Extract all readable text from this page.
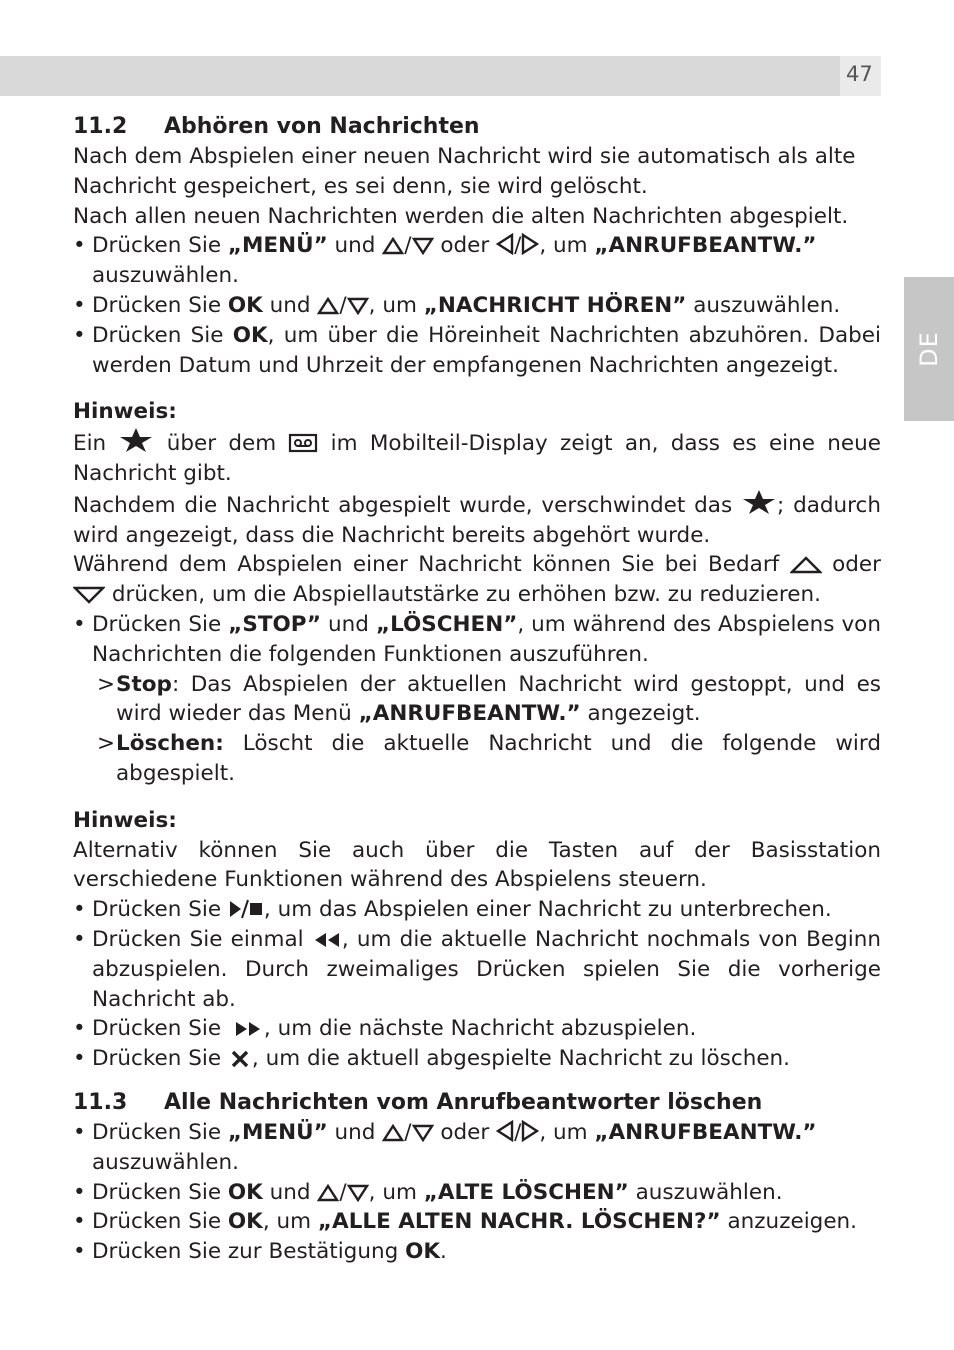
47
DE
11.2 Abhören von Nachrichten

Nach dem Abspielen einer neuen Nachricht wird sie automatisch als alte Nachricht gespeichert, es sei denn, sie wird gelöscht.

Nach allen neuen Nachrichten werden die alten Nachrichten abgespielt.

• Drücken Sie „MENÜ” und / oder / , um „ANRUFBEANTW.” auszuwählen.
• Drücken Sie OK und / , um „NACHRICHT HÖREN” auszuwählen.
• Drücken Sie OK, um über die Höreinheit Nachrichten abzuhören. Dabei werden Datum und Uhrzeit der empfangenen Nachrichten angezeigt.

Hinweis:

Ein  über dem  im Mobilteil-Display zeigt an, dass es eine neue Nachricht gibt.

Nachdem die Nachricht abgespielt wurde, verschwindet das ; dadurch wird angezeigt, dass die Nachricht bereits abgehört wurde.

Während dem Abspielen einer Nachricht können Sie bei Bedarf  oder  drücken, um die Abspiellautstärke zu erhöhen bzw. zu reduzieren.

• Drücken Sie „STOP” und „LÖSCHEN”, um während des Abspielens von Nachrichten die folgenden Funktionen auszuführen.
> Stop: Das Abspielen der aktuellen Nachricht wird gestoppt, und es wird wieder das Menü „ANRUFBEANTW.” angezeigt.
> Löschen: Löscht die aktuelle Nachricht und die folgende wird abgespielt.

Hinweis:

Alternativ können Sie auch über die Tasten auf der Basisstation verschiedene Funktionen während des Abspielens steuern.

• Drücken Sie , um das Abspielen einer Nachricht zu unterbrechen.
• Drücken Sie einmal , um die aktuelle Nachricht nochmals von Beginn abzuspielen. Durch zweimaliges Drücken spielen Sie die vorherige Nachricht ab.
• Drücken Sie , um die nächste Nachricht abzuspielen.
• Drücken Sie , um die aktuell abgespielte Nachricht zu löschen.
11.3 Alle Nachrichten vom Anrufbeantworter löschen
• Drücken Sie „MENÜ” und / oder / , um „ANRUFBEANTW.” auszuwählen.
• Drücken Sie OK und / , um „ALTE LÖSCHEN” auszuwählen.
• Drücken Sie OK, um „ALLE ALTEN NACHR. LÖSCHEN?” anzuzeigen.
• Drücken Sie zur Bestätigung OK.
